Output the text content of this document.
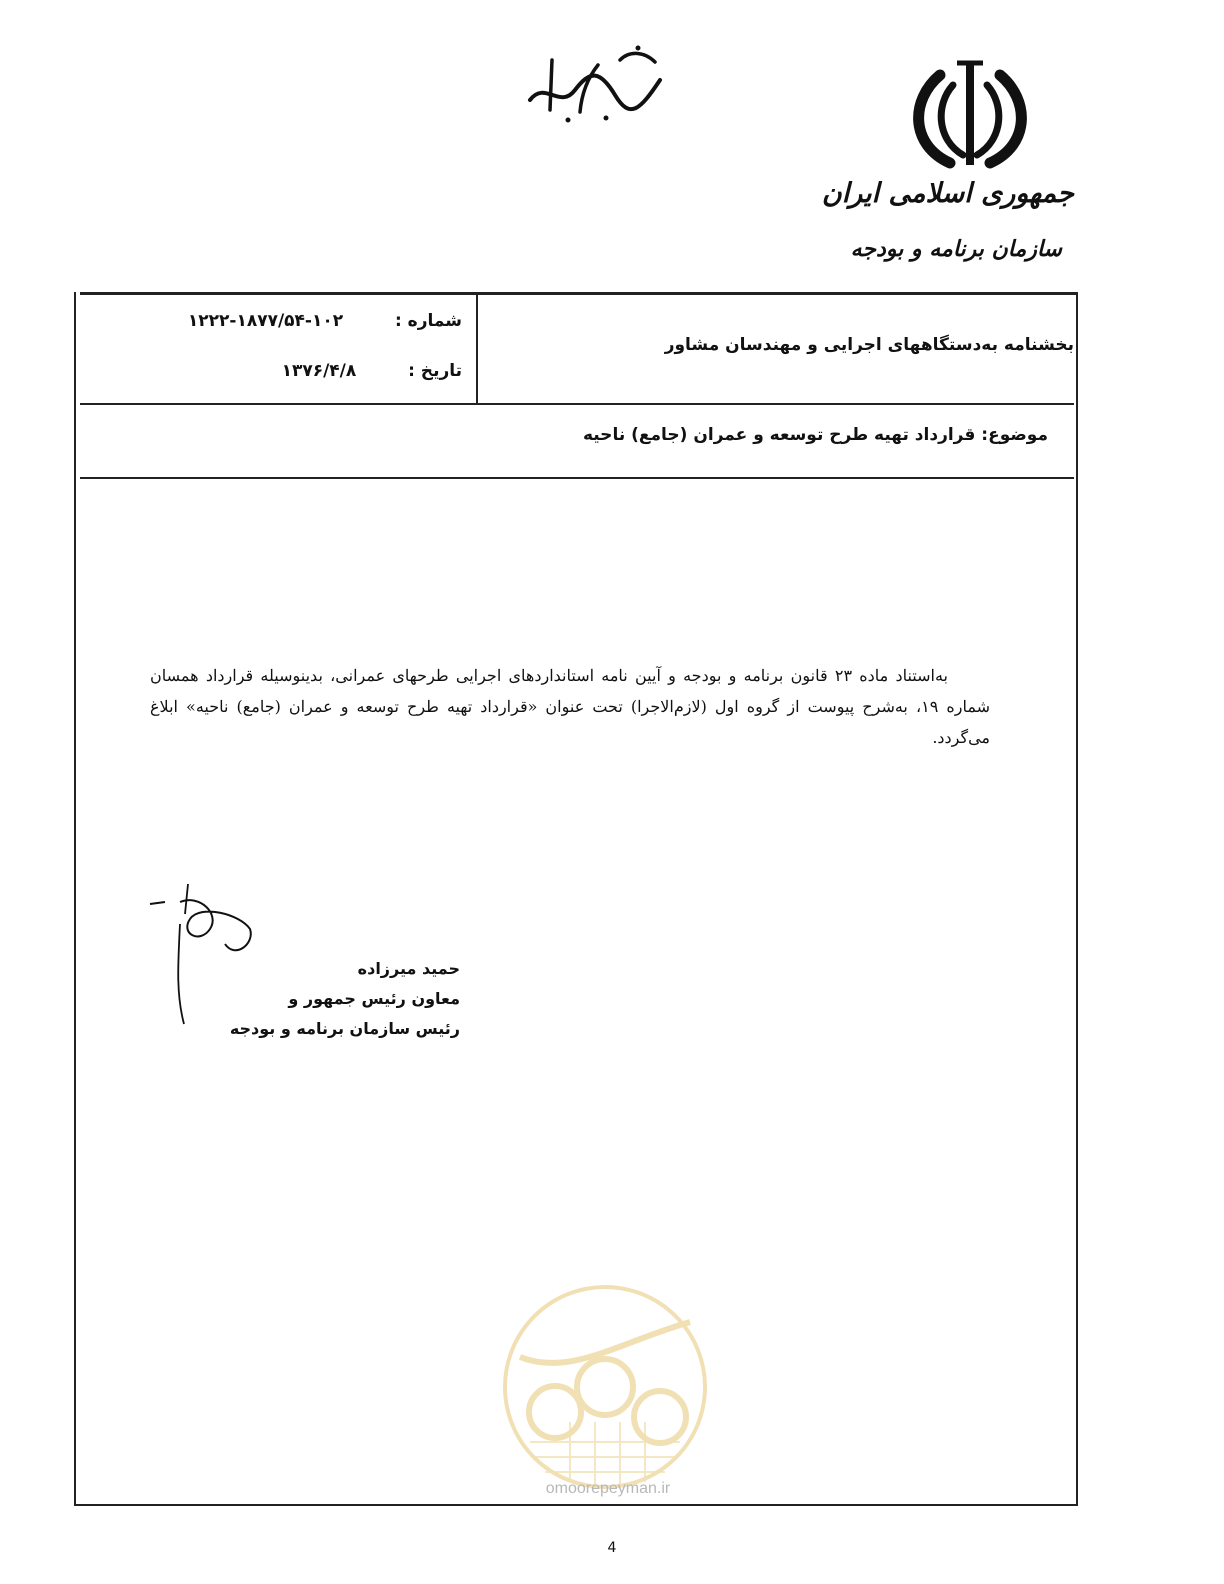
جمهوری اسلامی ایران
سازمان برنامه و بودجه
شماره :  ۱۰۲-۱۸۷۷/۵۴-۱۲۲۲
تاریخ :  ۱۳۷۶/۴/۸
بخشنامه به‌دستگاههای اجرایی و مهندسان مشاور
موضوع: قرارداد تهیه طرح توسعه و عمران (جامع) ناحیه

به‌استناد ماده ۲۳ قانون برنامه و بودجه و آیین نامه استانداردهای اجرایی طرحهای عمرانی، بدینوسیله قرارداد همسان شماره ۱۹، به‌شرح پیوست از گروه اول (لازم‌الاجرا) تحت عنوان «قرارداد تهیه طرح توسعه و عمران (جامع) ناحیه» ابلاغ می‌گردد.

حمید میرزاده
معاون رئیس جمهور و
رئیس سازمان برنامه و بودجه
omoorepeyman.ir
4
